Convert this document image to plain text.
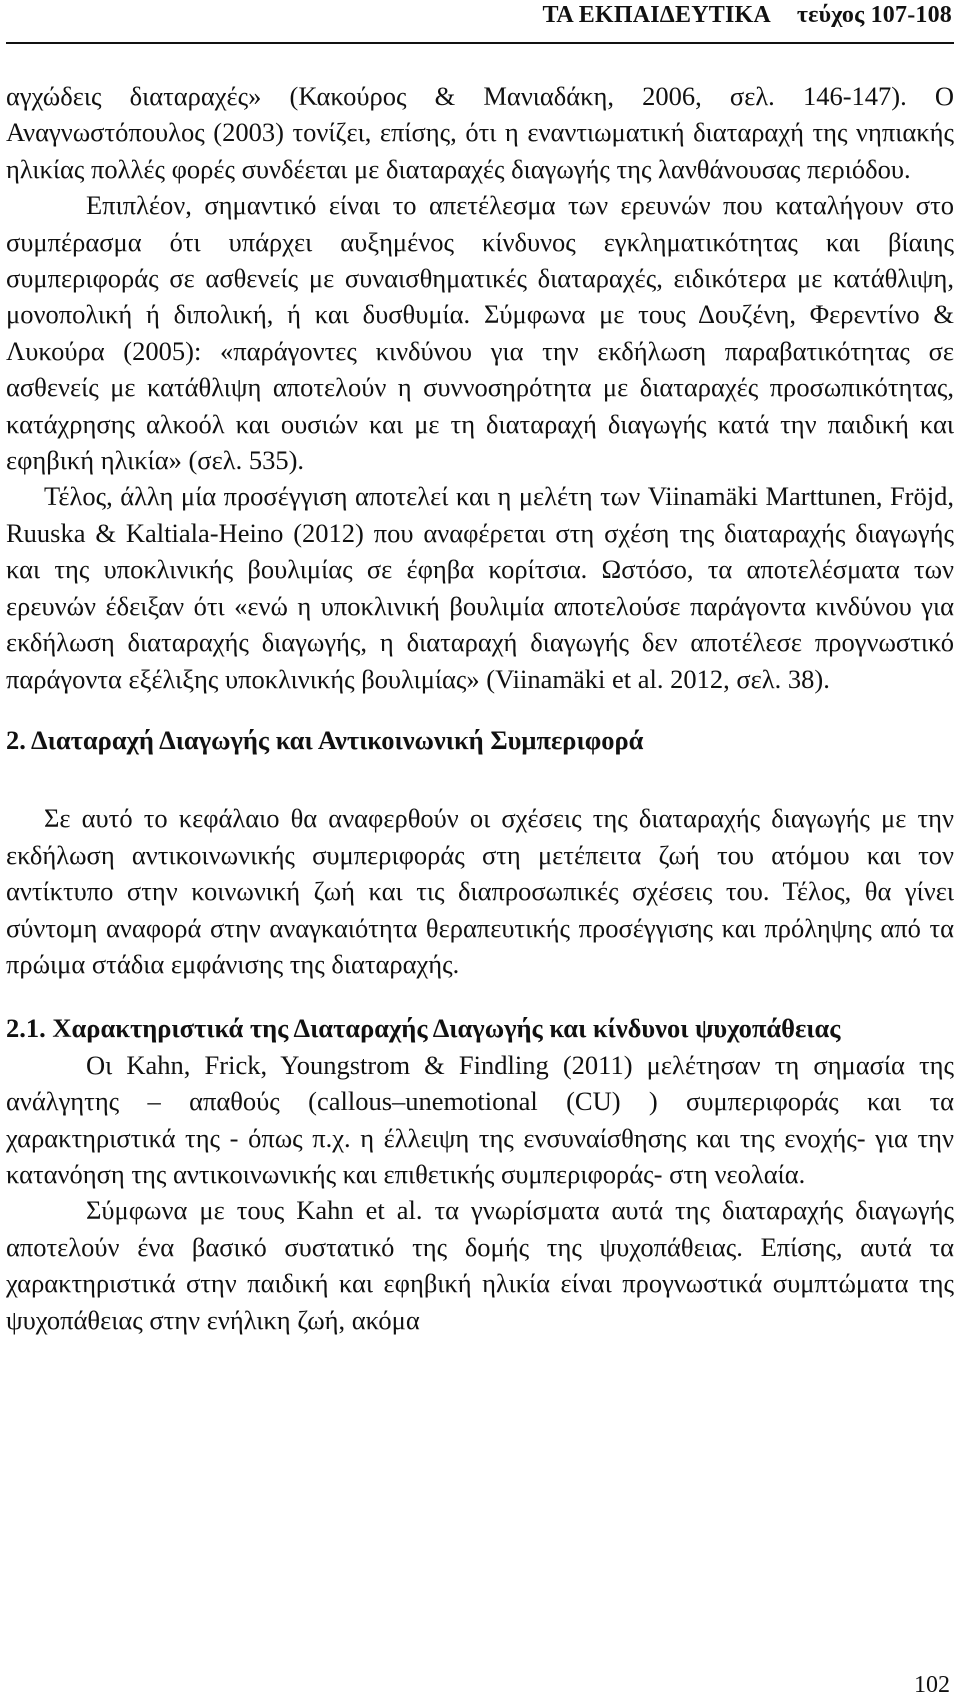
ΤΑ ΕΚΠΑΙΔΕΥΤΙΚΑ τεύχος 107-108

αγχώδεις διαταραχές» (Κακούρος & Μανιαδάκη, 2006, σελ. 146-147). Ο Αναγνωστόπουλος (2003) τονίζει, επίσης, ότι η εναντιωματική διαταραχή της νηπιακής ηλικίας πολλές φορές συνδέεται με διαταραχές διαγωγής της λανθάνουσας περιόδου.

Επιπλέον, σημαντικό είναι το απετέλεσμα των ερευνών που καταλήγουν στο συμπέρασμα ότι υπάρχει αυξημένος κίνδυνος εγκληματικότητας και βίαιης συμπεριφοράς σε ασθενείς με συναισθηματικές διαταραχές, ειδικότερα με κατάθλιψη, μονοπολική ή διπολική, ή και δυσθυμία. Σύμφωνα με τους Δουζένη, Φερεντίνο & Λυκούρα (2005): «παράγοντες κινδύνου για την εκδήλωση παραβατικότητας σε ασθενείς με κατάθλιψη αποτελούν η συννοσηρότητα με διαταραχές προσωπικότητας, κατάχρησης αλκοόλ και ουσιών και με τη διαταραχή διαγωγής κατά την παιδική και εφηβική ηλικία» (σελ. 535).

Τέλος, άλλη μία προσέγγιση αποτελεί και η μελέτη των Viinamäki Marttunen, Fröjd, Ruuska & Kaltiala-Heino (2012) που αναφέρεται στη σχέση της διαταραχής διαγωγής και της υποκλινικής βουλιμίας σε έφηβα κορίτσια. Ωστόσο, τα αποτελέσματα των ερευνών έδειξαν ότι «ενώ η υποκλινική βουλιμία αποτελούσε παράγοντα κινδύνου για εκδήλωση διαταραχής διαγωγής, η διαταραχή διαγωγής δεν αποτέλεσε προγνωστικό παράγοντα εξέλιξης υποκλινικής βουλιμίας» (Viinamäki et al. 2012, σελ. 38).

2. Διαταραχή Διαγωγής και Αντικοινωνική Συμπεριφορά

Σε αυτό το κεφάλαιο θα αναφερθούν οι σχέσεις της διαταραχής διαγωγής με την εκδήλωση αντικοινωνικής συμπεριφοράς στη μετέπειτα ζωή του ατόμου και τον αντίκτυπο στην κοινωνική ζωή και τις διαπροσωπικές σχέσεις του. Τέλος, θα γίνει σύντομη αναφορά στην αναγκαιότητα θεραπευτικής προσέγγισης και πρόληψης από τα πρώιμα στάδια εμφάνισης της διαταραχής.

2.1. Χαρακτηριστικά της Διαταραχής Διαγωγής και κίνδυνοι ψυχοπάθειας

Οι Kahn, Frick, Youngstrom & Findling (2011) μελέτησαν τη σημασία της ανάλγητης – απαθούς (callous–unemotional (CU) ) συμπεριφοράς και τα χαρακτηριστικά της - όπως π.χ. η έλλειψη της ενσυναίσθησης και της ενοχής- για την κατανόηση της αντικοινωνικής και επιθετικής συμπεριφοράς- στη νεολαία.

Σύμφωνα με τους Kahn et al. τα γνωρίσματα αυτά της διαταραχής διαγωγής αποτελούν ένα βασικό συστατικό της δομής της ψυχοπάθειας. Επίσης, αυτά τα χαρακτηριστικά στην παιδική και εφηβική ηλικία είναι προγνωστικά συμπτώματα της ψυχοπάθειας στην ενήλικη ζωή, ακόμα

102
